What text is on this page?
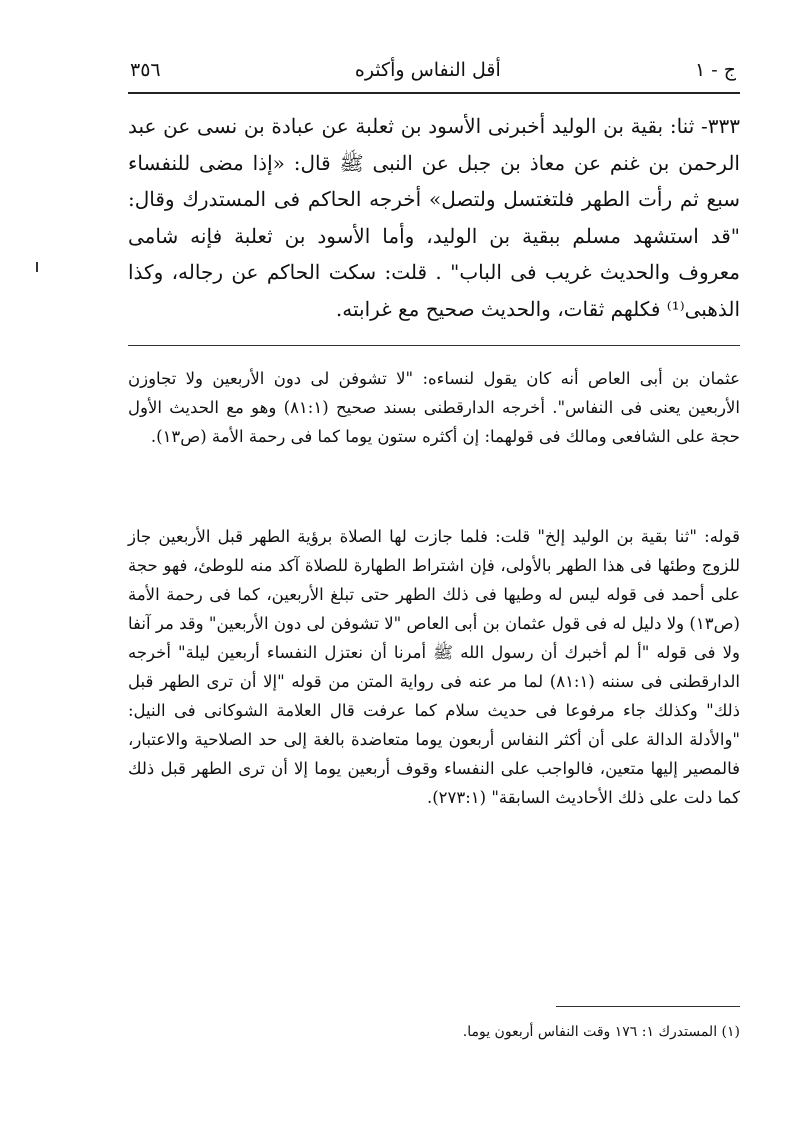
٣٥٦	أقل النفاس وأكثره	ج - ١
٣٣٣- ثنا: بقية بن الوليد أخبرنى الأسود بن ثعلبة عن عبادة بن نسى عن عبد الرحمن بن غنم عن معاذ بن جبل عن النبى ﷺ قال: «إذا مضى للنفساء سبع ثم رأت الطهر فلتغتسل ولتصل» أخرجه الحاكم فى المستدرك وقال: "قد استشهد مسلم ببقية بن الوليد، وأما الأسود بن ثعلبة فإنه شامى معروف والحديث غريب فى الباب" . قلت: سكت الحاكم عن رجاله، وكذا الذهبى⁽¹⁾ فكلهم ثقات، والحديث صحيح مع غرابته.
عثمان بن أبى العاص أنه كان يقول لنساءه: "لا تشوفن لى دون الأربعين ولا تجاوزن الأربعين يعنى فى النفاس". أخرجه الدارقطنى بسند صحيح (٨١:١) وهو مع الحديث الأول حجة على الشافعى ومالك فى قولهما: إن أكثره ستون يوما كما فى رحمة الأمة (ص١٣).
قوله: "ثنا بقية بن الوليد إلخ" قلت: فلما جازت لها الصلاة برؤية الطهر قبل الأربعين جاز للزوج وطئها فى هذا الطهر بالأولى، فإن اشتراط الطهارة للصلاة آكد منه للوطئ، فهو حجة على أحمد فى قوله ليس له وطيها فى ذلك الطهر حتى تبلغ الأربعين، كما فى رحمة الأمة (ص١٣) ولا دليل له فى قول عثمان بن أبى العاص "لا تشوفن لى دون الأربعين" وقد مر آنفا ولا فى قوله "أ لم أخبرك أن رسول الله ﷺ أمرنا أن نعتزل النفساء أربعين ليلة" أخرجه الدارقطنى فى سننه (٨١:١) لما مر عنه فى رواية المتن من قوله "إلا أن ترى الطهر قبل ذلك" وكذلك جاء مرفوعا فى حديث سلام كما عرفت قال العلامة الشوكانى فى النيل: "والأدلة الدالة على أن أكثر النفاس أربعون يوما متعاضدة بالغة إلى حد الصلاحية والاعتبار، فالمصير إليها متعين، فالواجب على النفساء وقوف أربعين يوما إلا أن ترى الطهر قبل ذلك كما دلت على ذلك الأحاديث السابقة" (٢٧٣:١).
(١) المستدرك ١: ١٧٦ وقت النفاس أربعون يوما.
